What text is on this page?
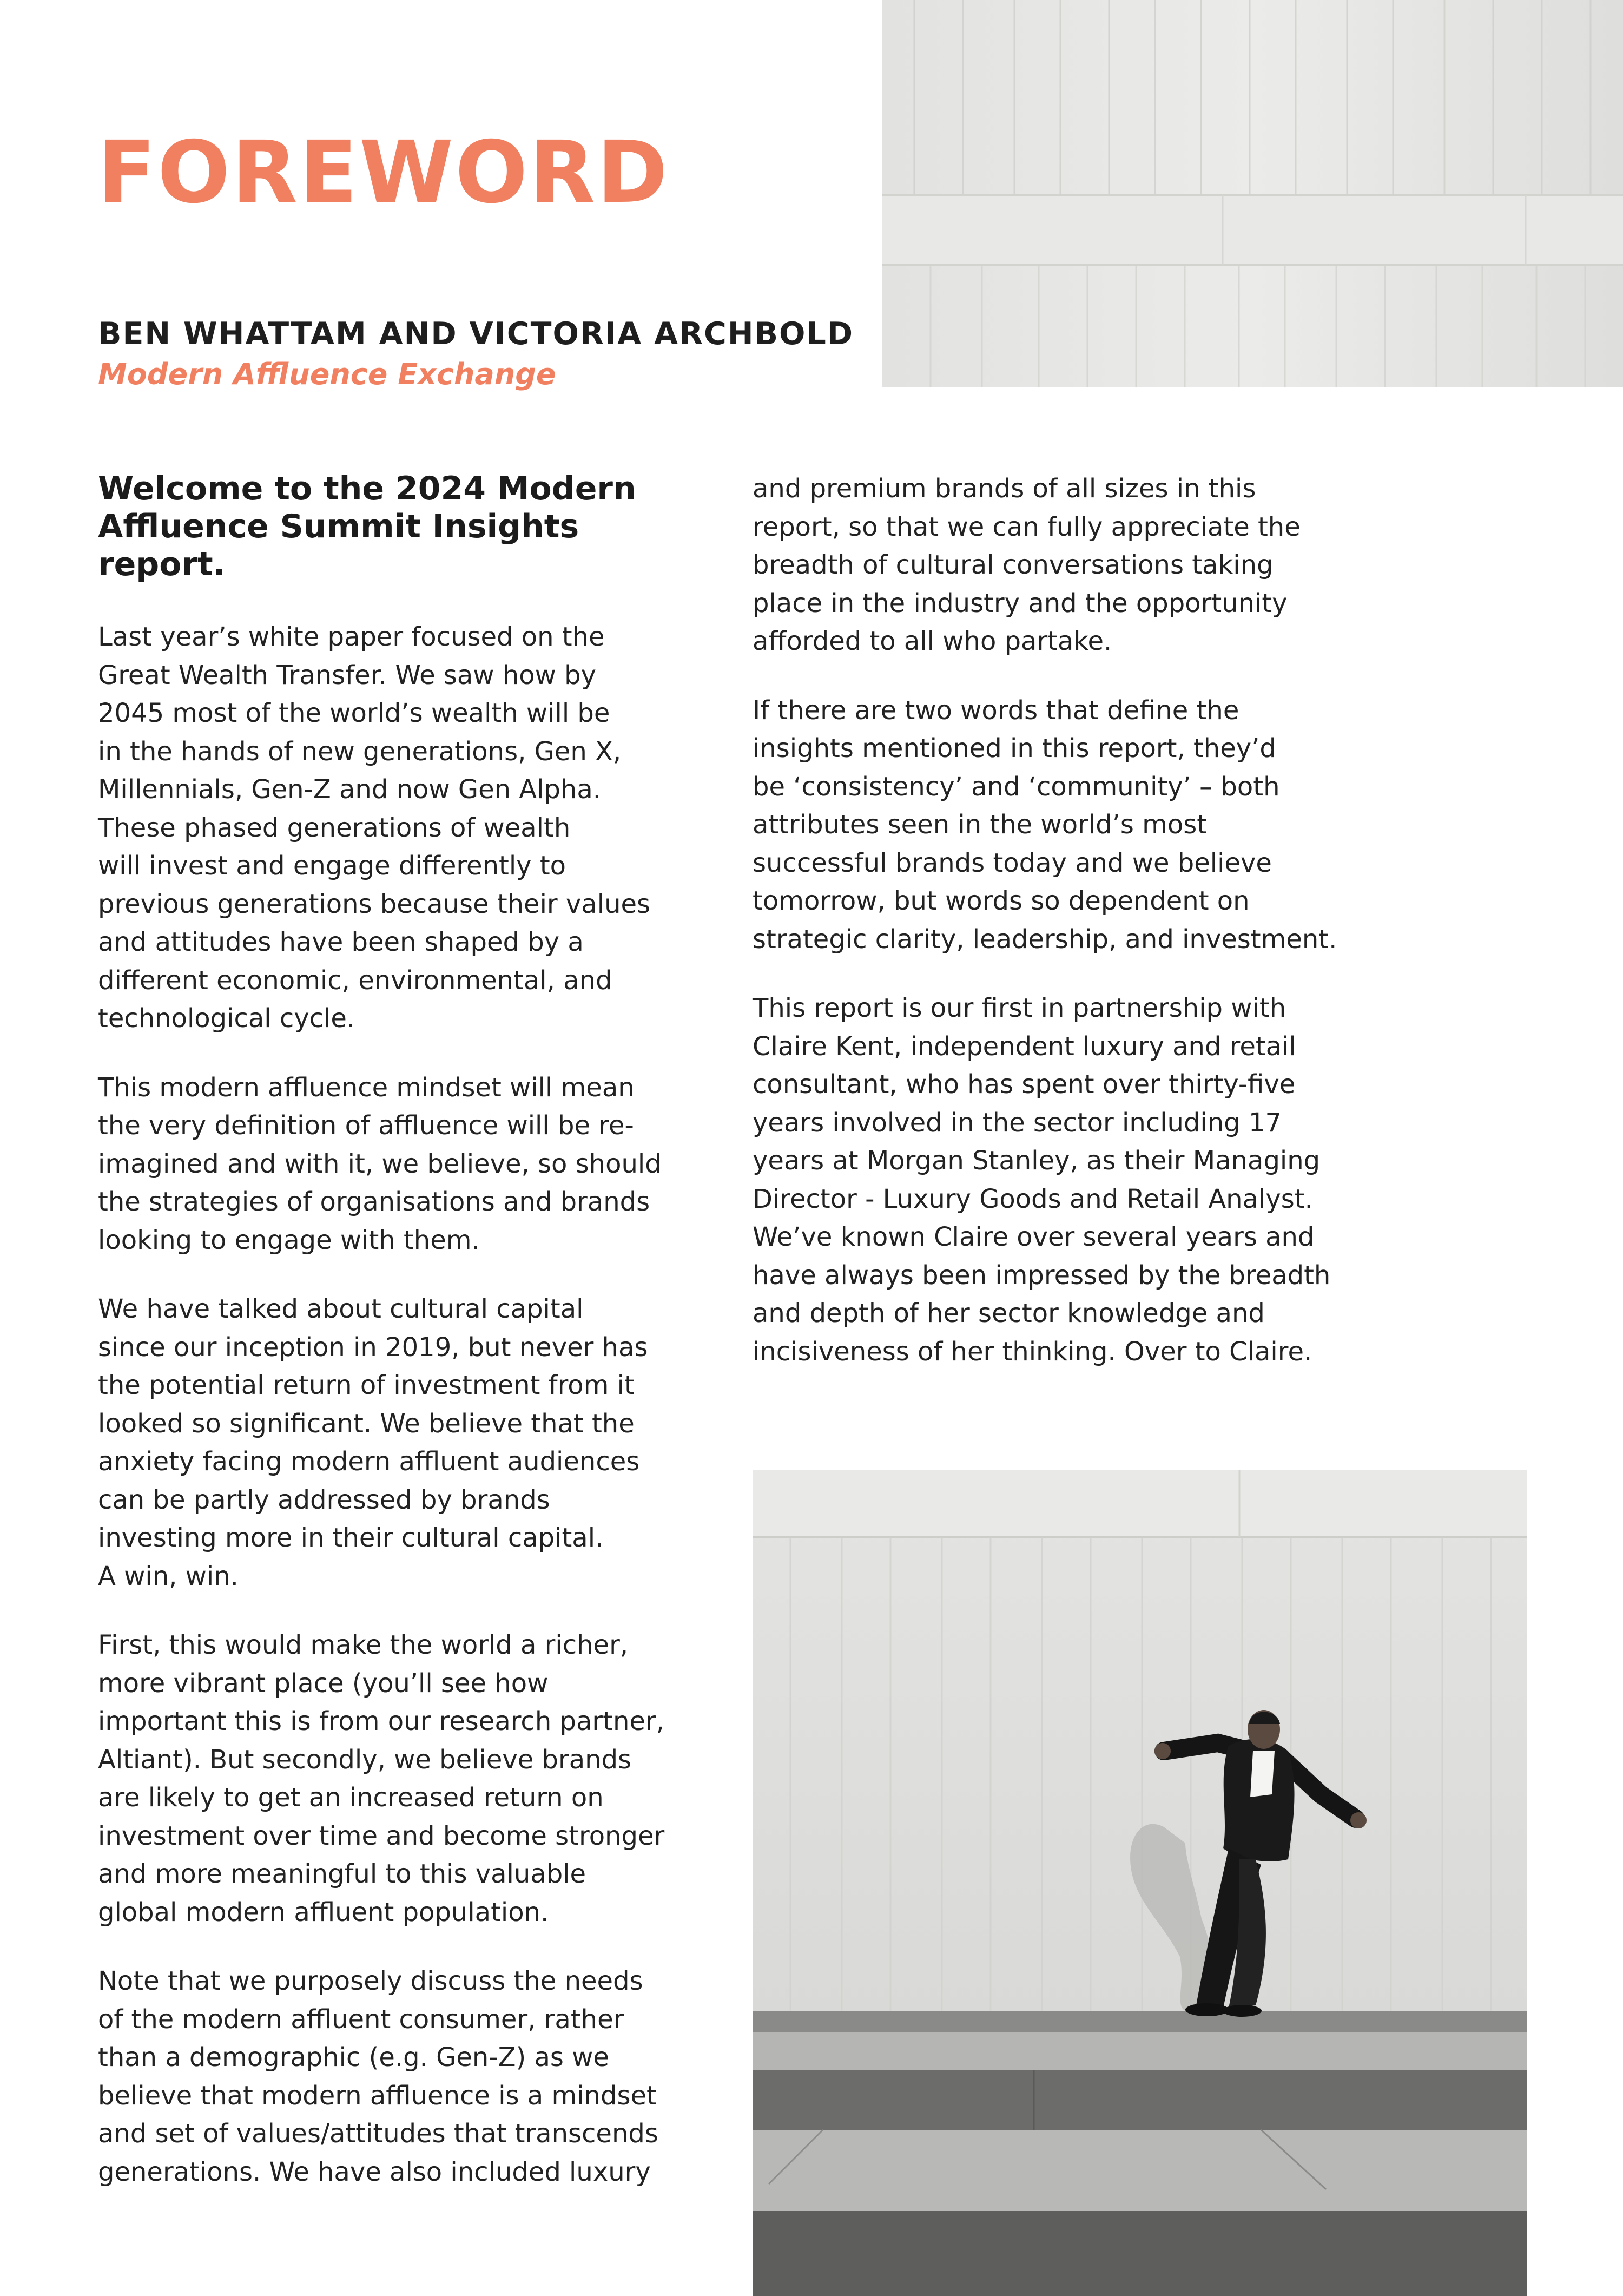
FOREWORD
BEN WHATTAM AND VICTORIA ARCHBOLD
Modern Affluence Exchange

Welcome to the 2024 Modern
Affluence Summit Insights
report.

Last year’s white paper focused on the
Great Wealth Transfer. We saw how by
2045 most of the world’s wealth will be
in the hands of new generations, Gen X,
Millennials, Gen-Z and now Gen Alpha.
These phased generations of wealth
will invest and engage differently to
previous generations because their values
and attitudes have been shaped by a
different economic, environmental, and
technological cycle.

This modern affluence mindset will mean
the very definition of affluence will be re-
imagined and with it, we believe, so should
the strategies of organisations and brands
looking to engage with them.

We have talked about cultural capital
since our inception in 2019, but never has
the potential return of investment from it
looked so significant. We believe that the
anxiety facing modern affluent audiences
can be partly addressed by brands
investing more in their cultural capital.
A win, win.

First, this would make the world a richer,
more vibrant place (you’ll see how
important this is from our research partner,
Altiant). But secondly, we believe brands
are likely to get an increased return on
investment over time and become stronger
and more meaningful to this valuable
global modern affluent population.

Note that we purposely discuss the needs
of the modern affluent consumer, rather
than a demographic (e.g. Gen-Z) as we
believe that modern affluence is a mindset
and set of values/attitudes that transcends
generations. We have also included luxury

and premium brands of all sizes in this
report, so that we can fully appreciate the
breadth of cultural conversations taking
place in the industry and the opportunity
afforded to all who partake.

If there are two words that define the
insights mentioned in this report, they’d
be ‘consistency’ and ‘community’ – both
attributes seen in the world’s most
successful brands today and we believe
tomorrow, but words so dependent on
strategic clarity, leadership, and investment.

This report is our first in partnership with
Claire Kent, independent luxury and retail
consultant, who has spent over thirty-five
years involved in the sector including 17
years at Morgan Stanley, as their Managing
Director - Luxury Goods and Retail Analyst.
We’ve known Claire over several years and
have always been impressed by the breadth
and depth of her sector knowledge and
incisiveness of her thinking. Over to Claire.
